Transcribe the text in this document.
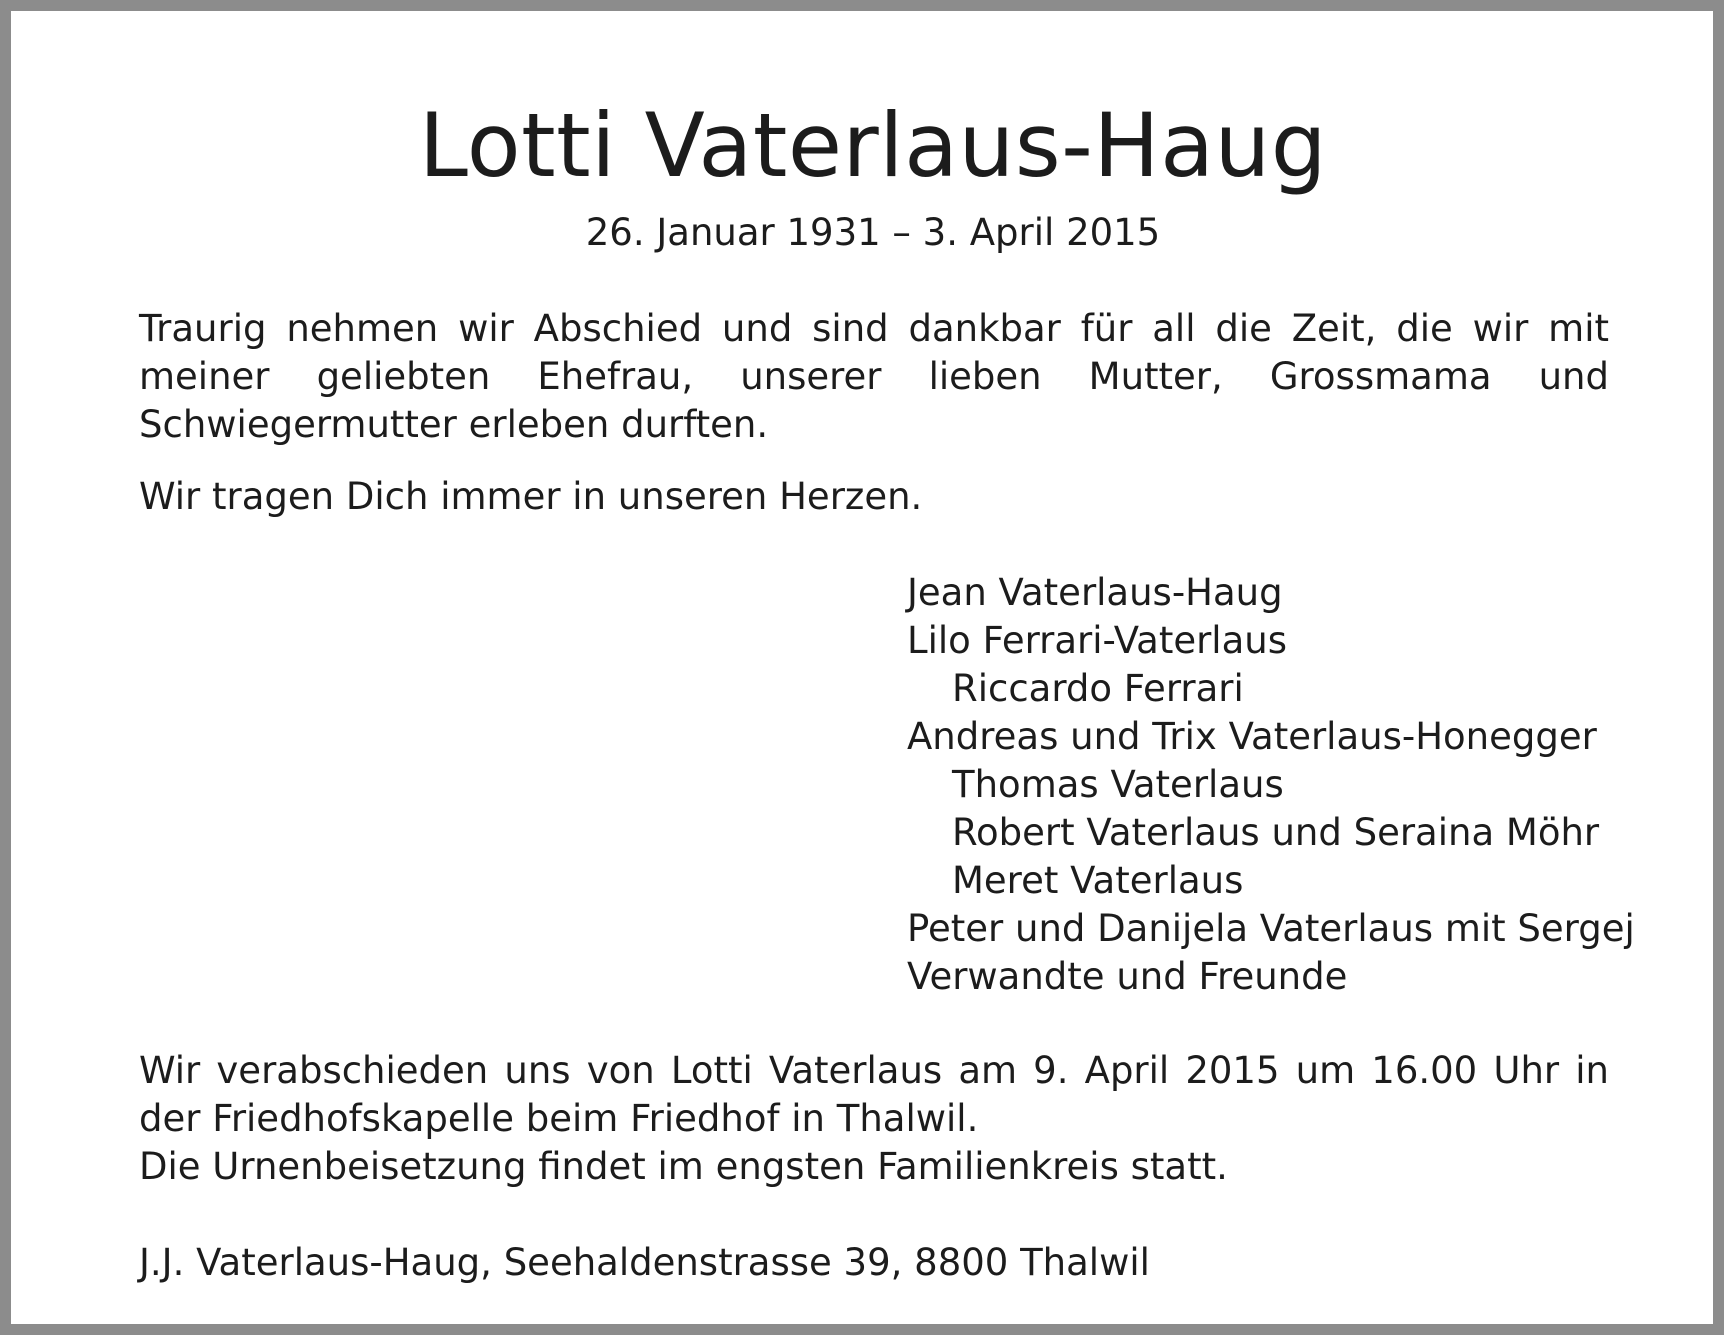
Lotti Vaterlaus-Haug
26. Januar 1931 – 3. April 2015

Traurig nehmen wir Abschied und sind dankbar für all die Zeit, die wir mit meiner geliebten Ehefrau, unserer lieben Mutter, Grossmama und Schwiegermutter erleben durften.

Wir tragen Dich immer in unseren Herzen.

Jean Vaterlaus-Haug
Lilo Ferrari-Vaterlaus
Riccardo Ferrari
Andreas und Trix Vaterlaus-Honegger
Thomas Vaterlaus
Robert Vaterlaus und Seraina Möhr
Meret Vaterlaus
Peter und Danijela Vaterlaus mit Sergej
Verwandte und Freunde
Wir verabschieden uns von Lotti Vaterlaus am 9. April 2015 um 16.00 Uhr in der Friedhofskapelle beim Friedhof in Thalwil.
Die Urnenbeisetzung findet im engsten Familienkreis statt.

J.J. Vaterlaus-Haug, Seehaldenstrasse 39, 8800 Thalwil
